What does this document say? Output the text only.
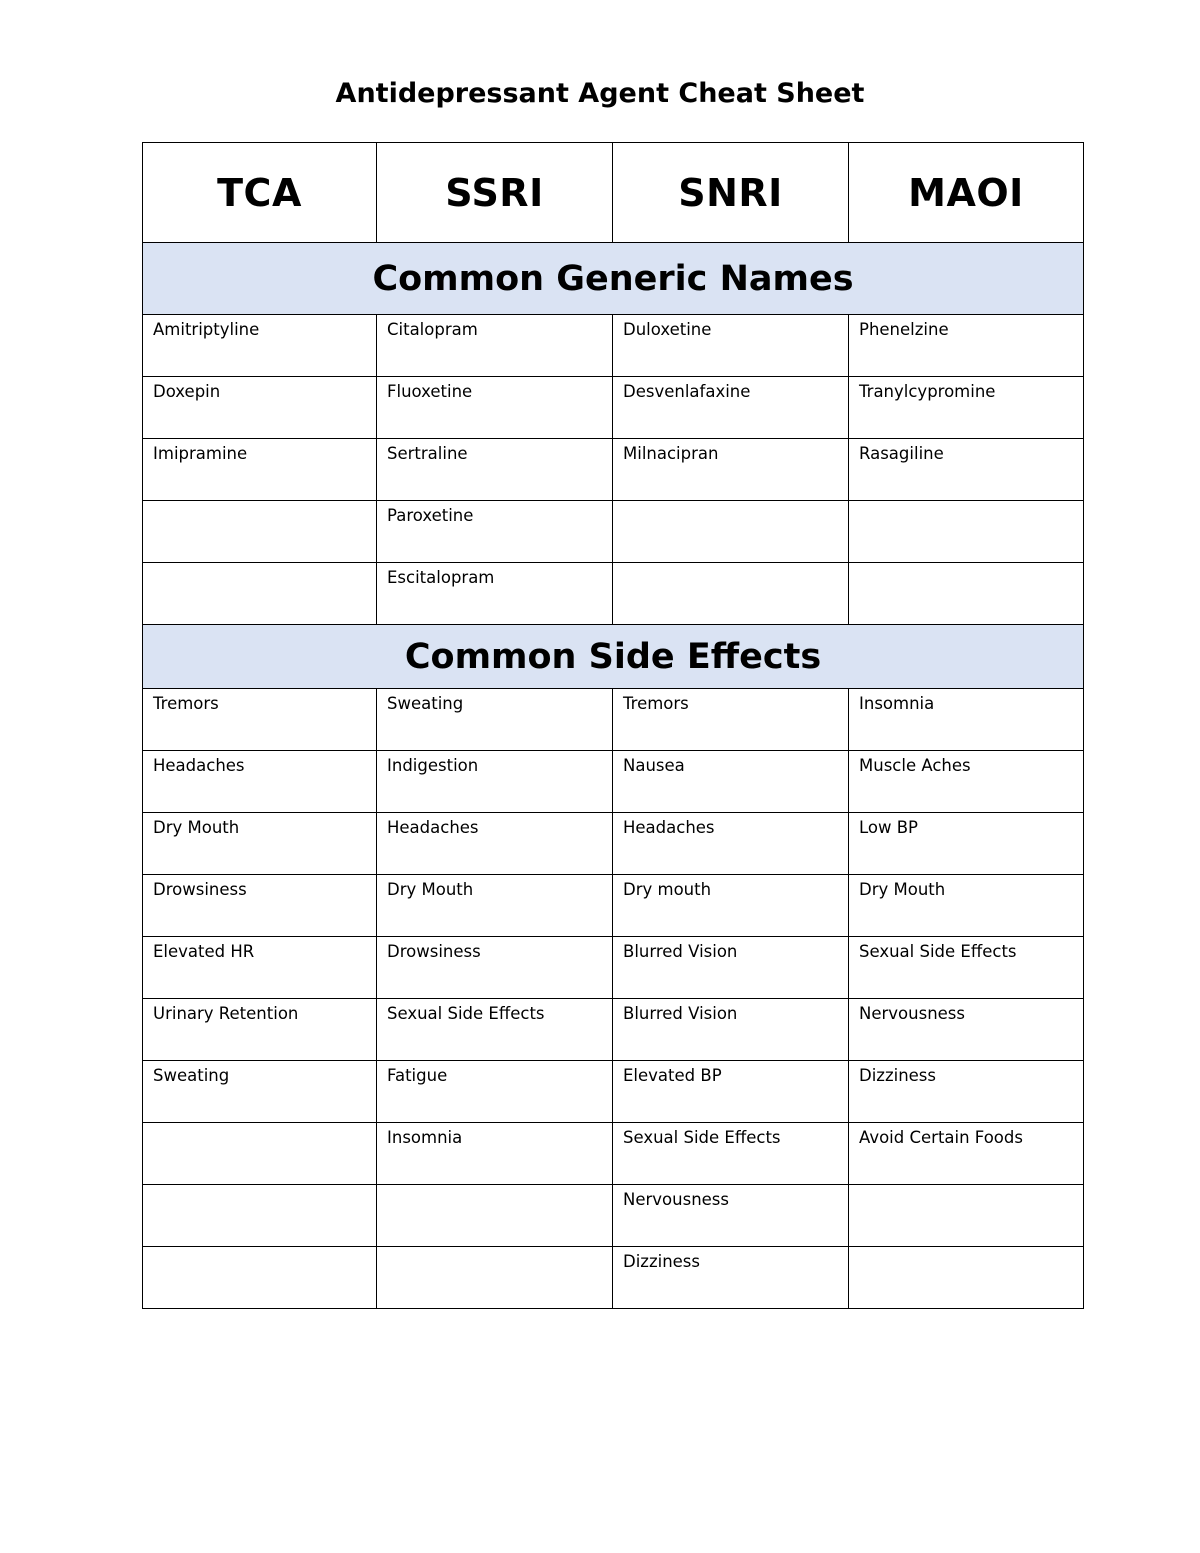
Antidepressant Agent Cheat Sheet
TCA	SSRI	SNRI	MAOI
Common Generic Names			

Amitriptyline	Citalopram	Duloxetine	Phenelzine

Doxepin	Fluoxetine	Desvenlafaxine	Tranylcypromine

Imipramine	Sertraline	Milnacipran	Rasagiline

	Paroxetine		

	Escitalopram		

Common Side Effects			

Tremors	Sweating	Tremors	Insomnia

Headaches	Indigestion	Nausea	Muscle Aches

Dry Mouth	Headaches	Headaches	Low BP

Drowsiness	Dry Mouth	Dry mouth	Dry Mouth

Elevated HR	Drowsiness	Blurred Vision	Sexual Side Effects

Urinary Retention	Sexual Side Effects	Blurred Vision	Nervousness

Sweating	Fatigue	Elevated BP	Dizziness

	Insomnia	Sexual Side Effects	Avoid Certain Foods

		Nervousness	

		Dizziness	
